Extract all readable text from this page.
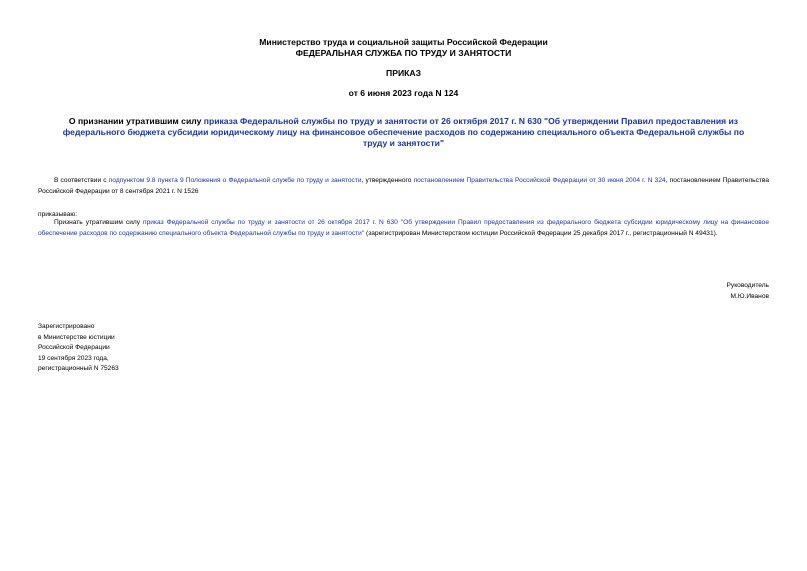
Министерство труда и социальной защиты Российской Федерации
ФЕДЕРАЛЬНАЯ СЛУЖБА ПО ТРУДУ И ЗАНЯТОСТИ
ПРИКАЗ
от 6 июня 2023 года N 124
О признании утратившим силу приказа Федеральной службы по труду и занятости от 26 октября 2017 г. N 630 "Об утверждении Правил предоставления из федерального бюджета субсидии юридическому лицу на финансовое обеспечение расходов по содержанию специального объекта Федеральной службы по труду и занятости"
В соответствии с подпунктом 9.8 пункта 9 Положения о Федеральной службе по труду и занятости, утвержденного постановлением Правительства Российской Федерации от 30 июня 2004 г. N 324, постановлением Правительства Российской Федерации от 8 сентября 2021 г. N 1526
приказываю:
Признать утратившим силу приказ Федеральной службы по труду и занятости от 26 октября 2017 г. N 630 "Об утверждении Правил предоставления из федерального бюджета субсидии юридическому лицу на финансовое обеспечение расходов по содержанию специального объекта Федеральной службы по труду и занятости" (зарегистрирован Министерством юстиции Российской Федерации 25 декабря 2017 г., регистрационный N 49431).
Руководитель
М.Ю.Иванов
Зарегистрировано
в Министерстве юстиции
Российской Федерации
19 сентября 2023 года,
регистрационный N 75263
